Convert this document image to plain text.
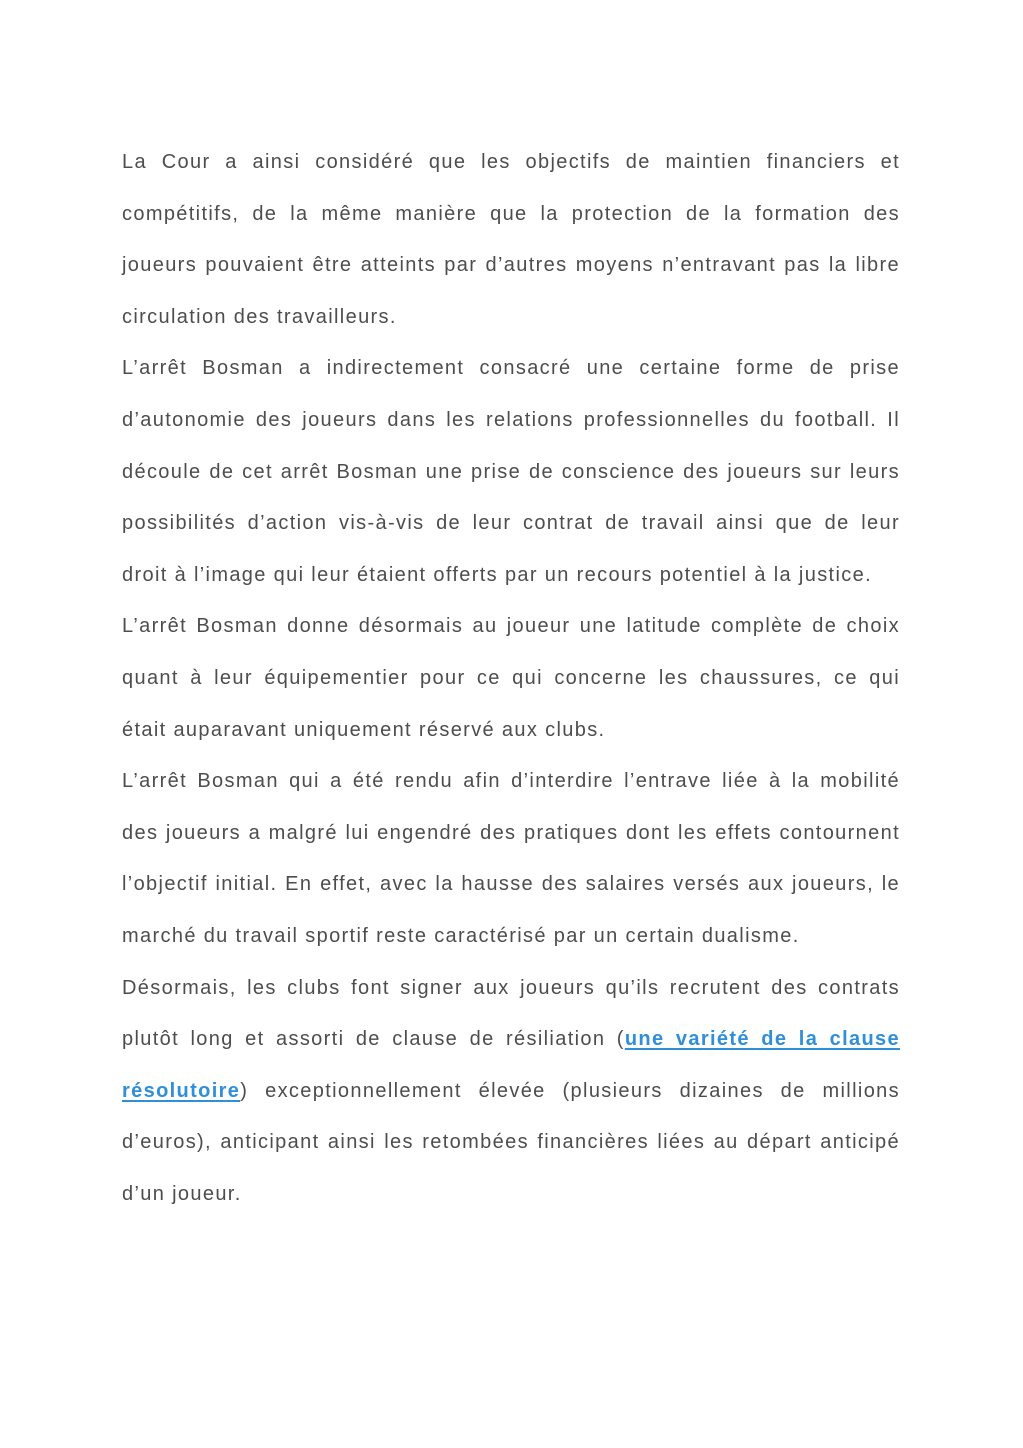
La Cour a ainsi considéré que les objectifs de maintien financiers et compétitifs, de la même manière que la protection de la formation des joueurs pouvaient être atteints par d’autres moyens n’entravant pas la libre circulation des travailleurs.

L’arrêt Bosman a indirectement consacré une certaine forme de prise d’autonomie des joueurs dans les relations professionnelles du football. Il découle de cet arrêt Bosman une prise de conscience des joueurs sur leurs possibilités d’action vis-à-vis de leur contrat de travail ainsi que de leur droit à l’image qui leur étaient offerts par un recours potentiel à la justice.

L’arrêt Bosman donne désormais au joueur une latitude complète de choix quant à leur équipementier pour ce qui concerne les chaussures, ce qui était auparavant uniquement réservé aux clubs.

L’arrêt Bosman qui a été rendu afin d’interdire l’entrave liée à la mobilité des joueurs a malgré lui engendré des pratiques dont les effets contournent l’objectif initial. En effet, avec la hausse des salaires versés aux joueurs, le marché du travail sportif reste caractérisé par un certain dualisme.

Désormais, les clubs font signer aux joueurs qu’ils recrutent des contrats plutôt long et assorti de clause de résiliation (une variété de la clause résolutoire) exceptionnellement élevée (plusieurs dizaines de millions d’euros), anticipant ainsi les retombées financières liées au départ anticipé d’un joueur.
